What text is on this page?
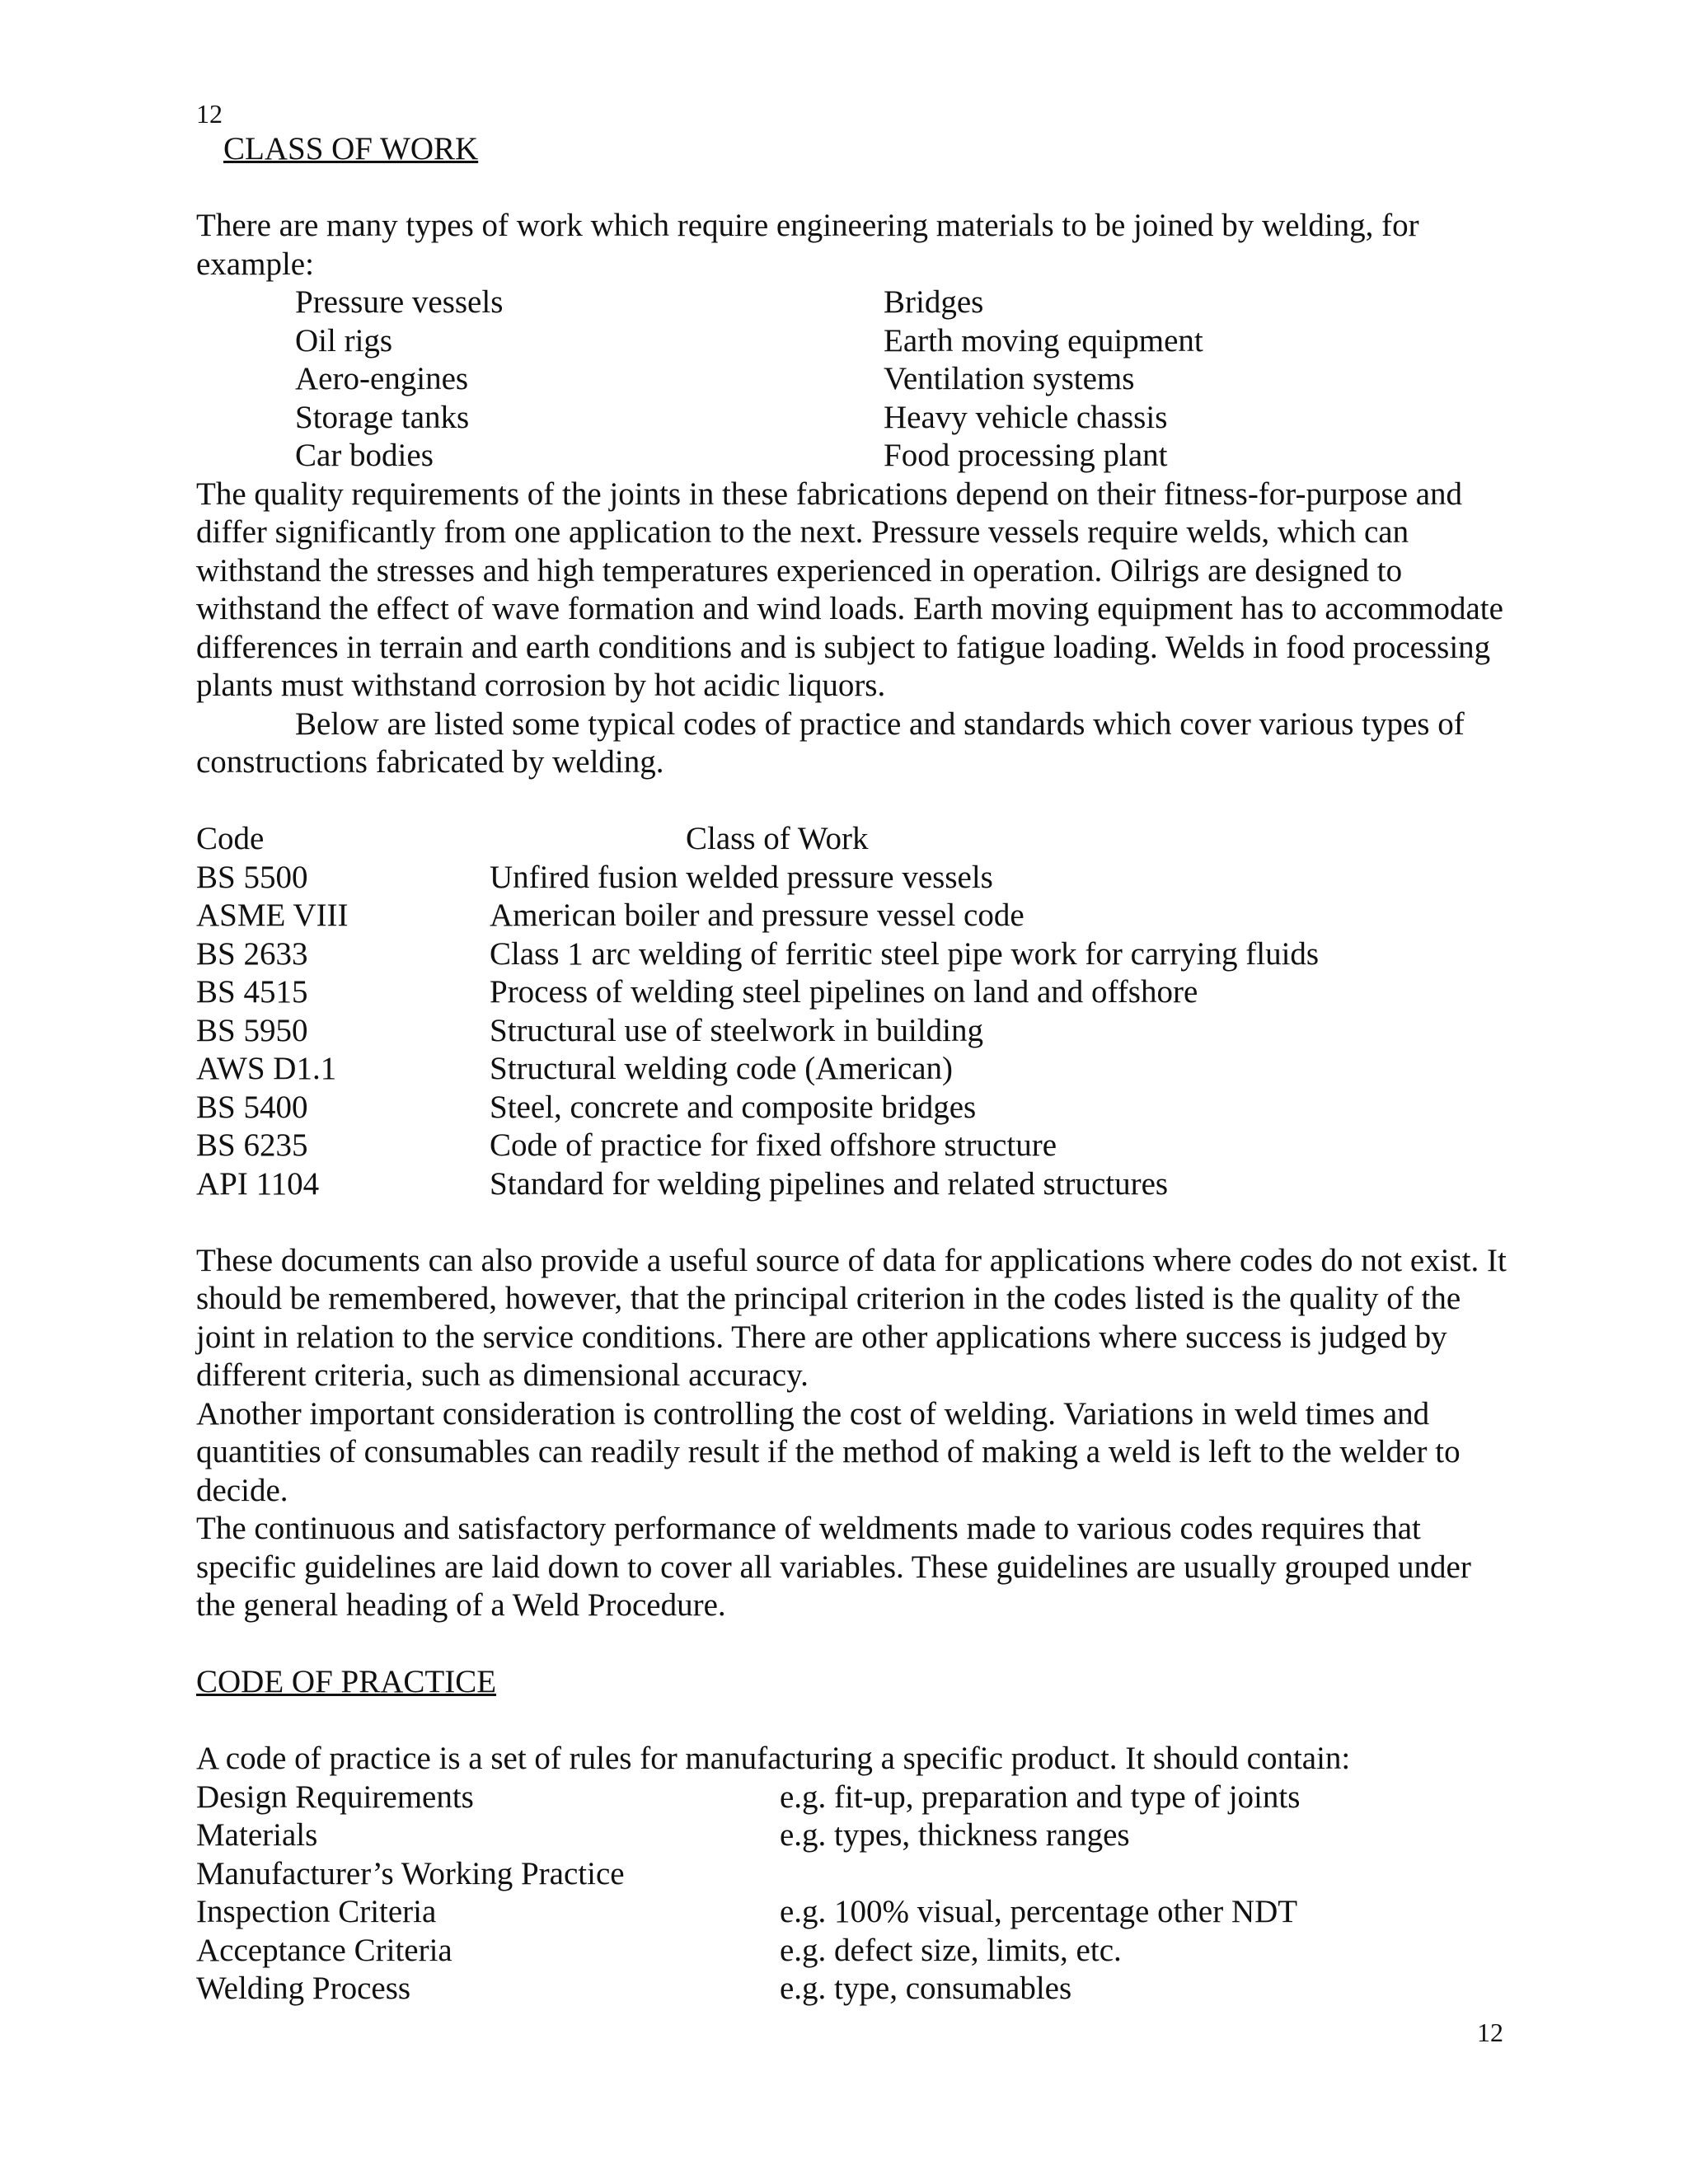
12
CLASS OF WORK

There are many types of work which require engineering materials to be joined by welding, for example:

Pressure vessels	Bridges
Oil rigs	Earth moving equipment
Aero-engines	Ventilation systems
Storage tanks	Heavy vehicle chassis
Car bodies	Food processing plant

The quality requirements of the joints in these fabrications depend on their fitness-for-purpose and differ significantly from one application to the next. Pressure vessels require welds, which can withstand the stresses and high temperatures experienced in operation. Oilrigs are designed to withstand the effect of wave formation and wind loads. Earth moving equipment has to accommodate differences in terrain and earth conditions and is subject to fatigue loading. Welds in food processing plants must withstand corrosion by hot acidic liquors.

Below are listed some typical codes of practice and standards which cover various types of constructions fabricated by welding.

Code	Class of Work
BS 5500	Unfired fusion welded pressure vessels
ASME VIII	American boiler and pressure vessel code
BS 2633	Class 1 arc welding of ferritic steel pipe work for carrying fluids
BS 4515	Process of welding steel pipelines on land and offshore
BS 5950	Structural use of steelwork in building
AWS D1.1	Structural welding code (American)
BS 5400	Steel, concrete and composite bridges
BS 6235	Code of practice for fixed offshore structure
API 1104	Standard for welding pipelines and related structures

These documents can also provide a useful source of data for applications where codes do not exist. It should be remembered, however, that the principal criterion in the codes listed is the quality of the joint in relation to the service conditions. There are other applications where success is judged by different criteria, such as dimensional accuracy.

Another important consideration is controlling the cost of welding. Variations in weld times and quantities of consumables can readily result if the method of making a weld is left to the welder to decide.

The continuous and satisfactory performance of weldments made to various codes requires that specific guidelines are laid down to cover all variables. These guidelines are usually grouped under the general heading of a Weld Procedure.

CODE OF PRACTICE

A code of practice is a set of rules for manufacturing a specific product. It should contain:

Design Requirements	e.g. fit-up, preparation and type of joints
Materials	e.g. types, thickness ranges
Manufacturer’s Working Practice
Inspection Criteria	e.g. 100% visual, percentage other NDT
Acceptance Criteria	e.g. defect size, limits, etc.
Welding Process	e.g. type, consumables
12
